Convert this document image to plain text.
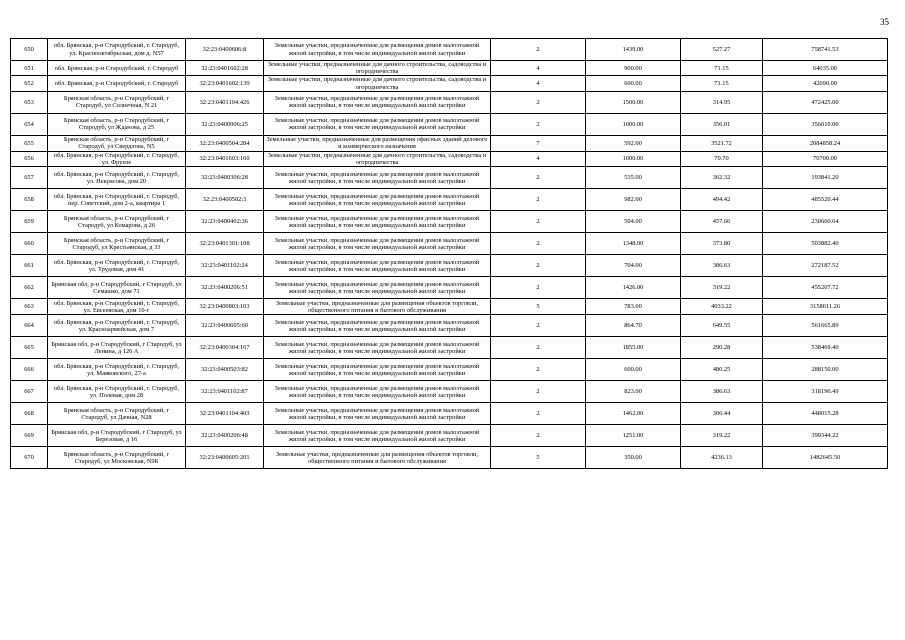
35
650	обл. Брянская, р-н Стародубский, г. Стародуб, ул. Краснооктябрьская, дом д. N57	32:23:0400606:8	Земельные участки, предназначенные для размещения домов малоэтажной жилой застройки, в том числе индивидуальной жилой застройки	2	1439.00	527.27	758741.53
651	обл. Брянская, р-н Стародубский, г. Стародуб	32:23:0401602:28	Земельные участки, предназначенные для дачного строительства, садоводства и огородничества	4	900.00	71.15	64035.00
652	обл. Брянская, р-н Стародубский, г. Стародуб	32:23:0401602:139	Земельные участки, предназначенные для дачного строительства, садоводства и огородничества	4	600.00	71.15	42690.00
653	Брянская область, р-н Стародубский, г Стародуб, ул Солнечная, N 21	32:23:0401104:426	Земельные участки, предназначенные для размещения домов малоэтажной жилой застройки, в том числе индивидуальной жилой застройки	2	1500.00	314.95	472425.00
654	Брянская область, р-н Стародубский, г Стародуб, ул Жданова, д 25	32:23:0400906:25	Земельные участки, предназначенные для размещения домов малоэтажной жилой застройки, в том числе индивидуальной жилой застройки	2	1000.00	356.01	356010.00
655	Брянская область, р-н Стародубский, г Стародуб, ул Свердлова, N5	32:23:0400504:284	Земельные участки, предназначенные для размещения офисных зданий делового и коммерческого назначения	7	592.00	3521.72	2084858.24
656	обл. Брянская, р-н Стародубский, г. Стародуб, ул. Фрунзе	32:23:0401603:160	Земельные участки, предназначенные для дачного строительства, садоводства и огородничества	4	1000.00	70.70	70700.00
657	обл. Брянская, р-н Стародубский, г. Стародуб, ул. Некрасова, дом 20	32:23:0400306:28	Земельные участки, предназначенные для размещения домов малоэтажной жилой застройки, в том числе индивидуальной жилой застройки	2	535.00	362.32	193841.20
658	обл. Брянская, р-н Стародубский, г. Стародуб, пер. Советский, дом 2-а, квартира 1	32:23:0400502:3	Земельные участки, предназначенные для размещения домов малоэтажной жилой застройки, в том числе индивидуальной жилой застройки	2	982.00	494.42	485520.44
659	Брянская область, р-н Стародубский, г Стародуб, ул Комарова, д 26	32:23:0400402:36	Земельные участки, предназначенные для размещения домов малоэтажной жилой застройки, в том числе индивидуальной жилой застройки	2	504.00	457.66	230660.64
660	Брянская область, р-н Стародубский, г Стародуб, ул Крестьянская, д 33	32:23:0401301:108	Земельные участки, предназначенные для размещения домов малоэтажной жилой застройки, в том числе индивидуальной жилой застройки	2	1348.00	373.80	503882.40
661	обл. Брянская, р-н Стародубский, г. Стародуб, ул. Трудовая, дом 41	32:23:0401102:24	Земельные участки, предназначенные для размещения домов малоэтажной жилой застройки, в том числе индивидуальной жилой застройки	2	704.00	386.63	272187.52
662	Брянская обл, р-н Стародубский, г Стародуб, ул Семашко, дом 71	32:23:0400206:51	Земельные участки, предназначенные для размещения домов малоэтажной жилой застройки, в том числе индивидуальной жилой застройки	2	1426.00	319.22	455207.72
663	обл. Брянская, р-н Стародубский, г. Стародуб, ул. Евсеевская, дом 10-г	32:23:0400803:103	Земельные участки, предназначенные для размещения объектов торговли, общественного питания и бытового обслуживания	5	783.00	4033.22	3158011.26
664	обл. Брянская, р-н Стародубский, г. Стародуб, ул. Красноармейская, дом 7	32:23:0400605:60	Земельные участки, предназначенные для размещения домов малоэтажной жилой застройки, в том числе индивидуальной жилой застройки	2	864.70	649.55	561665.89
665	Брянская обл, р-н Стародубский, г Стародуб, ул Ленина, д 126 А	32:23:0400304:167	Земельные участки, предназначенные для размещения домов малоэтажной жилой застройки, в том числе индивидуальной жилой застройки	2	1855.00	290.28	538469.40
666	обл. Брянская, р-н Стародубский, г. Стародуб, ул. Маяковского, 27-а	32:23:0400503:82	Земельные участки, предназначенные для размещения домов малоэтажной жилой застройки, в том числе индивидуальной жилой застройки	2	600.00	480.25	288150.00
667	обл. Брянская, р-н Стародубский, г. Стародуб, ул. Полевая, дом 28	32:23:0401102:87	Земельные участки, предназначенные для размещения домов малоэтажной жилой застройки, в том числе индивидуальной жилой застройки	2	823.00	386.63	318196.49
668	Брянская область, р-н Стародубский, г Стародуб, ул Дачная, N28	32:23:0401104:403	Земельные участки, предназначенные для размещения домов малоэтажной жилой застройки, в том числе индивидуальной жилой застройки	2	1462.00	306.44	448015.28
669	Брянская обл, р-н Стародубский, г Стародуб, ул Березовая, д 16	32:23:0400206:48	Земельные участки, предназначенные для размещения домов малоэтажной жилой застройки, в том числе индивидуальной жилой застройки	2	1251.00	319.22	399344.22
670	Брянская область, р-н Стародубский, г Стародуб, ул Московская, N9Б	32:23:0400605:201	Земельные участки, предназначенные для размещения объектов торговли, общественного питания и бытового обслуживания	5	350.00	4236.13	1482645.50
